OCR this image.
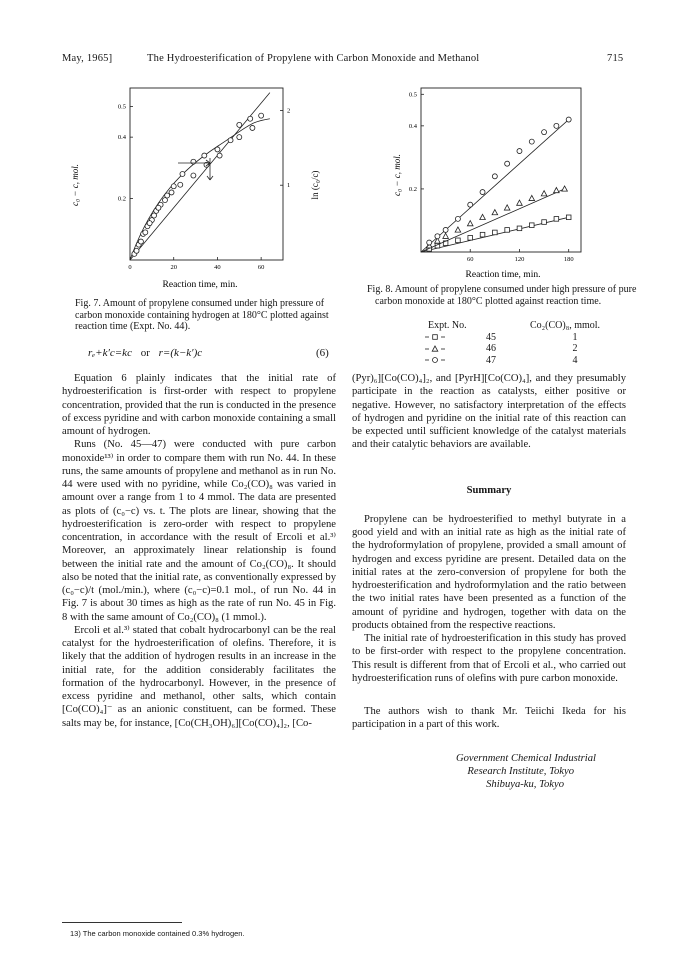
May, 1965]	The Hydroesterification of Propylene with Carbon Monoxide and Methanol	715
0	20	40	60
0.2
0.4
0.5
1
2
c₀ − c, mol.	ln (c₀/c)
Reaction time, min.
Fig. 7. Amount of propylene consumed under high pressure of carbon monoxide containing hydrogen at 180°C plotted against reaction time (Expt. No. 44).
60	120	180
0.2
0.4
0.5
c₀ − c, mol.
Reaction time, min.
Fig. 8. Amount of propylene consumed under high pressure of pure carbon monoxide at 180°C plotted against reaction time.
Expt. No.	Co₂(CO)₈, mmol.
45	1
46	2
47	4
rₑ+k′c=kc or r=(k−k′)c	(6)

Equation 6 plainly indicates that the initial rate of hydroesterification is first-order with respect to propylene concentration, provided that the run is conducted in the presence of excess pyridine and with carbon monoxide containing a small amount of hydrogen.

Runs (No. 45—47) were conducted with pure carbon monoxide¹³⁾ in order to compare them with run No. 44. In these runs, the same amounts of propylene and methanol as in run No. 44 were used with no pyridine, while Co₂(CO)₈ was varied in amount over a range from 1 to 4 mmol. The data are presented as plots of (c₀−c) vs. t. The plots are linear, showing that the hydroesterification is zero-order with respect to propylene concentration, in accordance with the result of Ercoli et al.³⁾ Moreover, an approximately linear relationship is found between the initial rate and the amount of Co₂(CO)₈. It should also be noted that the initial rate, as conventionally expressed by (c₀−c)/t (mol./min.), where (c₀−c)=0.1 mol., of run No. 44 in Fig. 7 is about 30 times as high as the rate of run No. 45 in Fig. 8 with the same amount of Co₂(CO)₈ (1 mmol.).

Ercoli et al.³⁾ stated that cobalt hydrocarbonyl can be the real catalyst for the hydroesterification of olefins. Therefore, it is likely that the addition of hydrogen results in an increase in the initial rate, for the addition considerably facilitates the formation of the hydrocarbonyl. However, in the presence of excess pyridine and methanol, other salts, which contain [Co(CO)₄]⁻ as an anionic constituent, can be formed. These salts may be, for instance, [Co(CH₃OH)₆][Co(CO)₄]₂, [Co-

13) The carbon monoxide contained 0.3% hydrogen.

(Pyr)₆][Co(CO)₄]₂, and [PyrH][Co(CO)₄], and they presumably participate in the reaction as catalysts, either positive or negative. However, no satisfactory interpretation of the effects of hydrogen and pyridine on the initial rate of this reaction can be expected until sufficient knowledge of the catalyst materials and their catalytic behaviors are available.

Summary

Propylene can be hydroesterified to methyl butyrate in a good yield and with an initial rate as high as the initial rate of the hydroformylation of propylene, provided a small amount of hydrogen and excess pyridine are present. Detailed data on the initial rates at the zero-conversion of propylene for both the hydroesterification and hydroformylation and the ratio between the two initial rates have been presented as a function of the amount of pyridine and hydrogen, together with data on the products obtained from the respective reactions.

The initial rate of hydroesterification in this study has proved to be first-order with respect to the propylene concentration. This result is different from that of Ercoli et al., who carried out hydroesterification runs of olefins with pure carbon monoxide.

The authors wish to thank Mr. Teiichi Ikeda for his participation in a part of this work.

Government Chemical Industrial
Research Institute, Tokyo
Shibuya-ku, Tokyo
